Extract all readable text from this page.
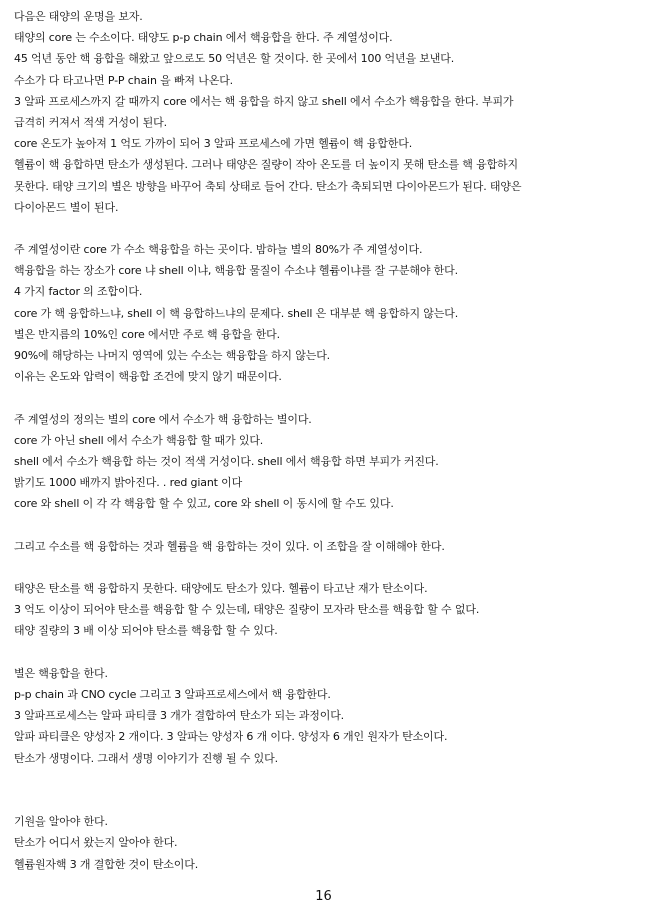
다음은 태양의 운명을 보자.
태양의 core 는 수소이다. 태양도 p-p chain 에서 핵융합을 한다. 주 계열성이다.
45 억년 동안 핵 융합을 해왔고 앞으로도 50 억년은 할 것이다. 한 곳에서 100 억년을 보낸다.
수소가 다 타고나면 P-P chain 을 빠져 나온다.
3 알파 프로세스까지 갈 때까지 core 에서는 핵 융합을 하지 않고 shell 에서 수소가 핵융합을 한다. 부피가
급격히 커져서 적색 거성이 된다.
core 온도가 높아져 1 억도 가까이 되어 3 알파 프로세스에 가면 헬륨이 핵 융합한다.
헬륨이 핵 융합하면 탄소가 생성된다. 그러나 태양은 질량이 작아 온도를 더 높이지 못해 탄소를 핵 융합하지
못한다. 태양 크기의 별은 방향을 바꾸어 축퇴 상태로 들어 간다. 탄소가 축퇴되면 다이아몬드가 된다. 태양은
다이아몬드 별이 된다.
주 계열성이란 core 가 수소 핵융합을 하는 곳이다. 밤하늘 별의 80%가 주 계열성이다.
핵융합을 하는 장소가 core 냐 shell 이냐, 핵융합 물질이 수소냐 헬륨이냐를 잘 구분해야 한다.
4 가지 factor 의 조합이다.
core 가 핵 융합하느냐, shell 이 핵 융합하느냐의 문제다. shell 은 대부분 핵 융합하지 않는다.
별은 반지름의 10%인 core 에서만 주로 핵 융합을 한다.
90%에 해당하는 나머지 영역에 있는 수소는 핵융합을 하지 않는다.
이유는 온도와 압력이 핵융합 조건에 맞지 않기 때문이다.
주 계열성의 정의는 별의 core 에서 수소가 핵 융합하는 별이다.
core 가 아닌 shell 에서 수소가 핵융합 할 때가 있다.
shell 에서 수소가 핵융합 하는 것이 적색 거성이다. shell 에서 핵융합 하면 부피가 커진다.
밝기도 1000 배까지 밝아진다. . red giant 이다
core 와 shell 이 각 각 핵융합 할 수 있고, core 와 shell 이 동시에 할 수도 있다.
그리고 수소를 핵 융합하는 것과 헬륨을 핵 융합하는 것이 있다. 이 조합을 잘 이해해야 한다.
태양은 탄소를 핵 융합하지 못한다. 태양에도 탄소가 있다. 헬륨이 타고난 재가 탄소이다.
3 억도 이상이 되어야 탄소를 핵융합 할 수 있는데, 태양은 질량이 모자라 탄소를 핵융합 할 수 없다.
태양 질량의 3 배 이상 되어야 탄소를 핵융합 할 수 있다.
별은 핵융합을 한다.
p-p chain 과 CNO cycle 그리고 3 알파프로세스에서 핵 융합한다.
3 알파프로세스는 알파 파티클 3 개가 결합하여 탄소가 되는 과정이다.
알파 파티클은 양성자 2 개이다. 3 알파는 양성자 6 개 이다. 양성자 6 개인 원자가 탄소이다.
탄소가 생명이다. 그래서 생명 이야기가 진행 될 수 있다.
기원을 알아야 한다.
탄소가 어디서 왔는지 알아야 한다.
헬륨원자핵 3 개 결합한 것이 탄소이다.
16
